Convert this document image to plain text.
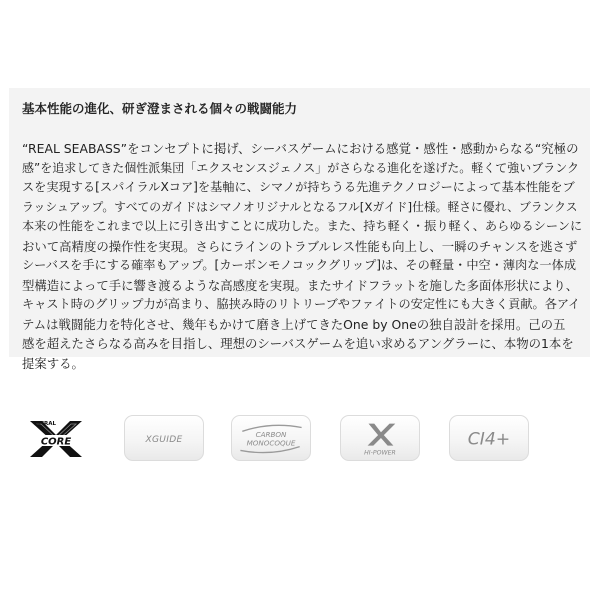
基本性能の進化、研ぎ澄まされる個々の戦闘能力

“REAL SEABASS”をコンセプトに掲げ、シーバスゲームにおける感覚・感性・感動からなる“究極の
感”を追求してきた個性派集団「エクスセンスジェノス」がさらなる進化を遂げた。軽くて強いブランク
スを実現する[スパイラルXコア]を基軸に、シマノが持ちうる先進テクノロジーによって基本性能をブ
ラッシュアップ。すべてのガイドはシマノオリジナルとなるフル[Xガイド]仕様。軽さに優れ、ブランクス
本来の性能をこれまで以上に引き出すことに成功した。また、持ち軽く・振り軽く、あらゆるシーンに
おいて高精度の操作性を実現。さらにラインのトラブルレス性能も向上し、一瞬のチャンスを逃さず
シーバスを手にする確率もアップ。[カーボンモノコックグリップ]は、その軽量・中空・薄肉な一体成
型構造によって手に響き渡るような高感度を実現。またサイドフラットを施した多面体形状により、
キャスト時のグリップ力が高まり、脇挟み時のリトリーブやファイトの安定性にも大きく貢献。各アイ
テムは戦闘能力を特化させ、幾年もかけて磨き上げてきたOne by Oneの独自設計を採用。己の五
感を超えたさらなる高みを目指し、理想のシーバスゲームを追い求めるアングラーに、本物の1本を
提案する。

SPIRAL
CORE	XGUIDE
CARBON
MONOCOQUE
HI-POWER
CI4+
